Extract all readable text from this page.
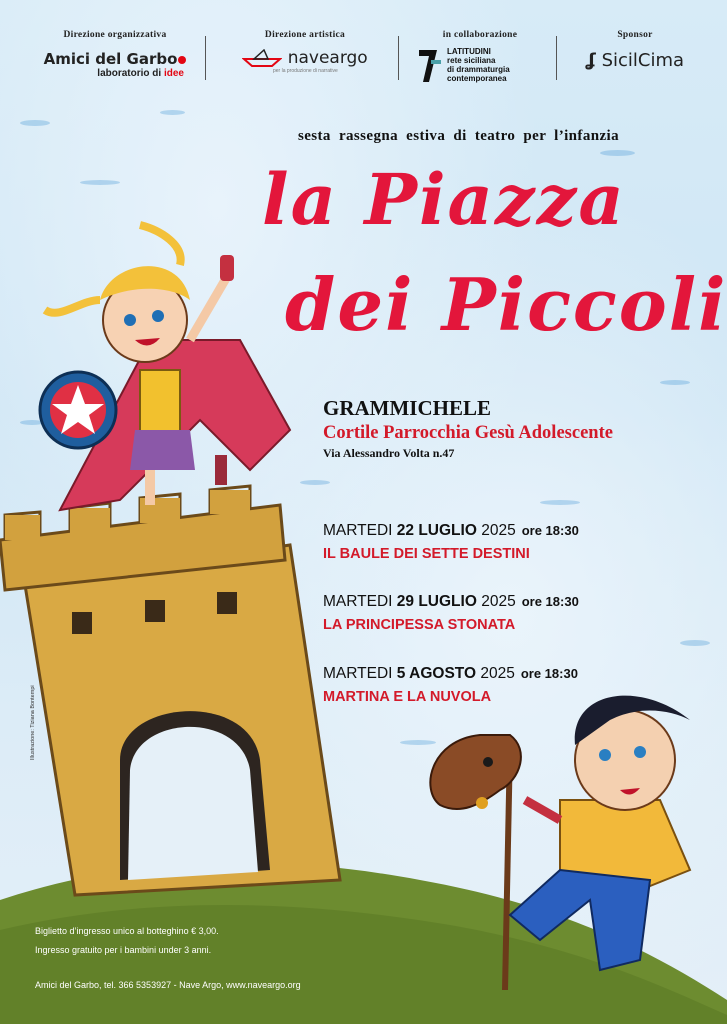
Direzione organizzativa
Amici del Garbo
laboratorio di idee
Direzione artistica
naveargo
per la produzione di narrative
in collaborazione
LATITUDINI
rete siciliana
di drammaturgia
contemporanea
Sponsor
ʆ SicilCima
Illustrazione: Tiziana Bontempi
sesta rassegna estiva di teatro per l’infanzia
la Piazza
dei Piccoli
GRAMMICHELE
Cortile Parrocchia Gesù Adolescente
Via Alessandro Volta n.47
MARTEDI 22 LUGLIO 2025 ore 18:30
IL BAULE DEI SETTE DESTINI
MARTEDI 29 LUGLIO 2025 ore 18:30
LA PRINCIPESSA STONATA
MARTEDI 5 AGOSTO 2025 ore 18:30
MARTINA E LA NUVOLA
Biglietto d’ingresso unico al botteghino € 3,00.
Ingresso gratuito per i bambini under 3 anni.
Amici del Garbo, tel. 366 5353927 - Nave Argo, www.naveargo.org
